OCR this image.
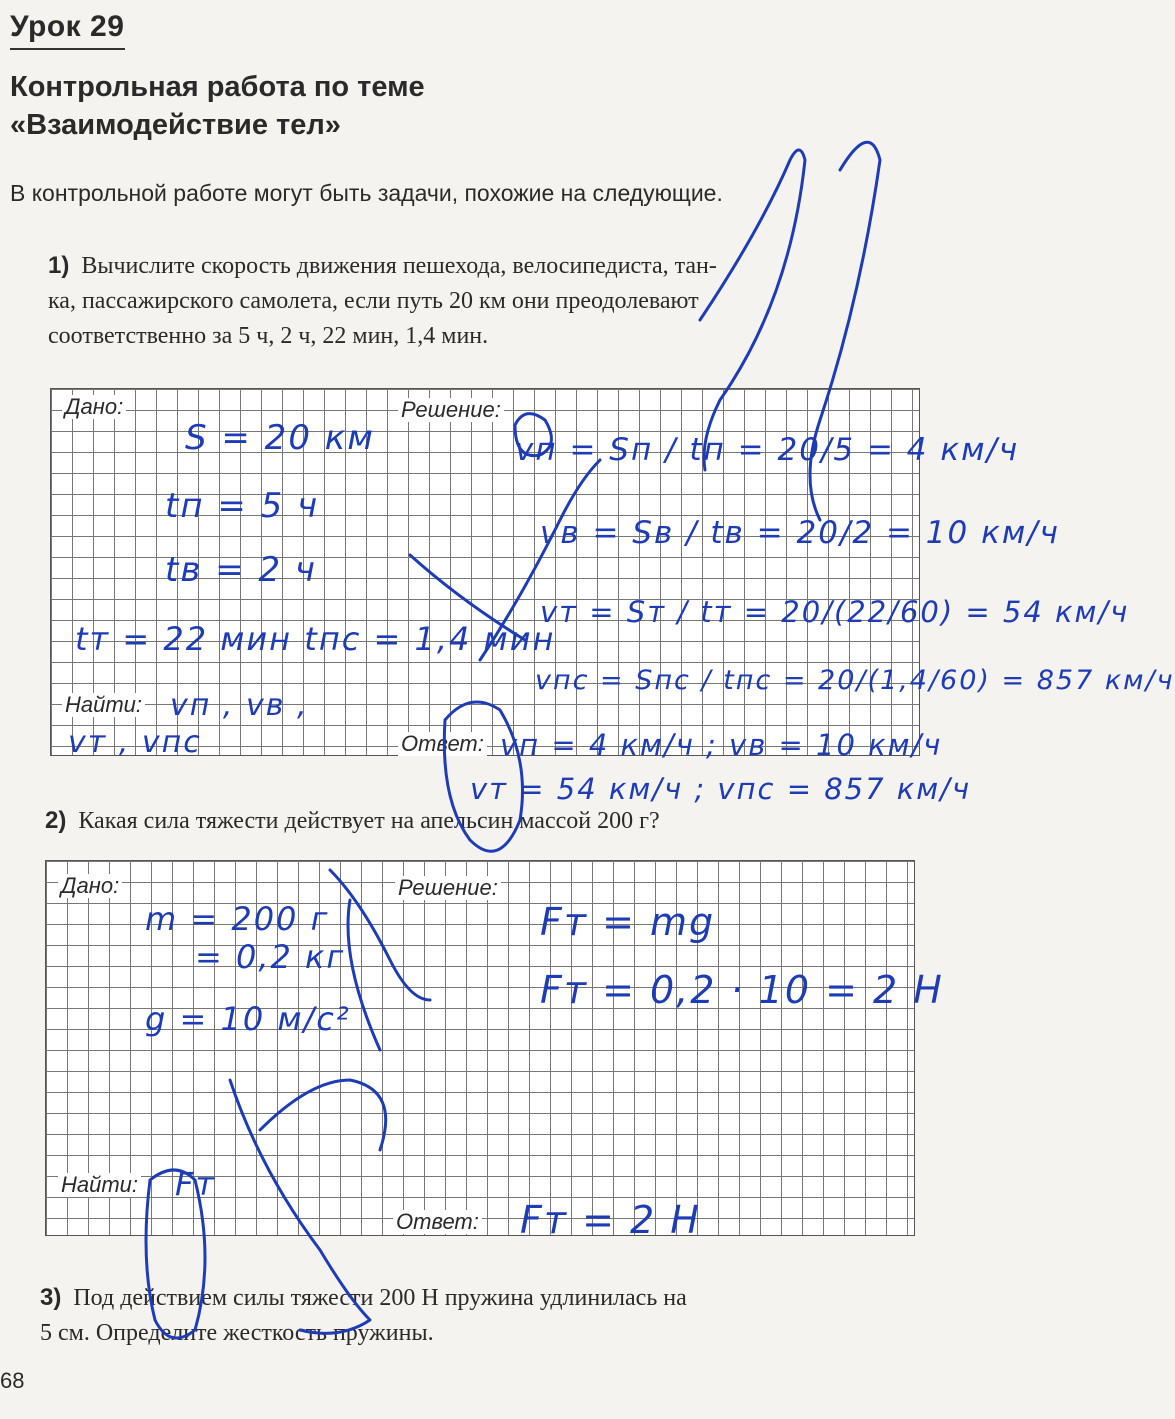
Урок 29
Контрольная работа по теме
«Взаимодействие тел»
В контрольной работе могут быть задачи, похожие на следующие.
1) Вычислите скорость движения пешехода, велосипедиста, тан-
ка, пассажирского самолета, если путь 20 км они преодолевают
соответственно за 5 ч, 2 ч, 22 мин, 1,4 мин.
Дано:	Решение:
Найти:
Ответ:
S = 20 км
tп = 5 ч
tв = 2 ч
tт = 22 мин tпс = 1,4 мин
vп , vв ,
vт , vпс
vп = Sп / tп = 20/5 = 4 км/ч
vв = Sв / tв = 20/2 = 10 км/ч
vт = Sт / tт = 20/(22/60) = 54 км/ч
vпс = Sпс / tпс = 20/(1,4/60) = 857 км/ч
vп = 4 км/ч ; vв = 10 км/ч
vт = 54 км/ч ; vпс = 857 км/ч
2) Какая сила тяжести действует на апельсин массой 200 г?
Дано:	Решение:
Найти:
Ответ:
m = 200 г
= 0,2 кг
g = 10 м/с²
Fт
Fт = mg
Fт = 0,2 · 10 = 2 Н
Fт = 2 Н
3) Под действием силы тяжести 200 Н пружина удлинилась на
5 см. Определите жесткость пружины.
68
